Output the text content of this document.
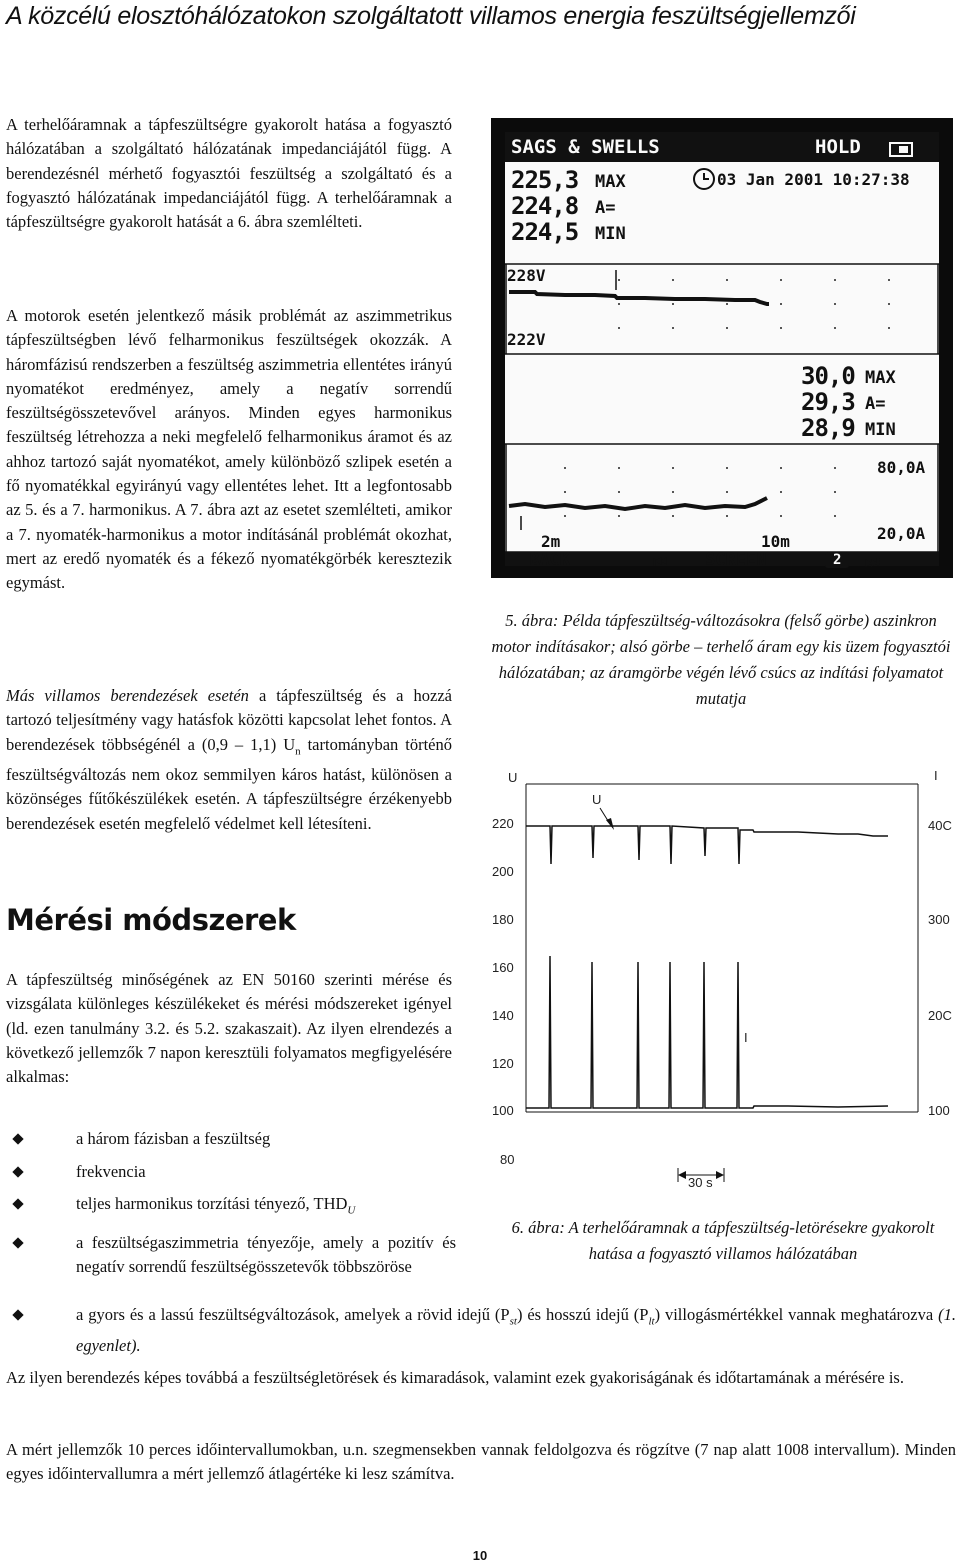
A közcélú elosztóhálózatokon szolgáltatott villamos energia feszültségjellemzői

A terhelőáramnak a tápfeszültségre gyakorolt hatása a fogyasztó hálózatában a szolgáltató hálózatának impedanciájától függ. A berendezésnél mérhető fogyasztói feszültség a szolgáltató és a fogyasztó hálózatának impedanciájától függ. A terhelőáramnak a tápfeszültségre gyakorolt hatását a 6. ábra szemlélteti.

A motorok esetén jelentkező másik problémát az aszimmetrikus tápfeszültségben lévő felharmonikus feszültségek okozzák. A háromfázisú rendszerben a feszültség aszimmetria ellentétes irányú nyomatékot eredményez, amely a negatív sorrendű feszültségösszetevővel arányos. Minden egyes harmonikus feszültség létrehozza a neki megfelelő felharmonikus áramot és az ahhoz tartozó saját nyomatékot, amely különböző szlipek esetén a fő nyomatékkal egyirányú vagy ellentétes lehet. Itt a legfontosabb az 5. és a 7. harmonikus. A 7. ábra azt az esetet szemlélteti, amikor a 7. nyomaték-harmonikus a motor indításánál problémát okozhat, mert az eredő nyomaték és a fékező nyomatékgörbék keresztezik egymást.

Más villamos berendezések esetén a tápfeszültség és a hozzá tartozó teljesítmény vagy hatásfok közötti kapcsolat lehet fontos. A berendezések többségénél a (0,9 – 1,1) $U_n$ tartományban történő feszültségváltozás nem okoz semmilyen káros hatást, különösen a közönséges fűtőkészülékek esetén. A tápfeszültségre érzékenyebb berendezések esetén megfelelő védelmet kell létesíteni.

Mérési módszerek

A tápfeszültség minőségének az EN 50160 szerinti mérése és vizsgálata különleges készülékeket és mérési módszereket igényel (ld. ezen tanulmány 3.2. és 5.2. szakaszait). Az ilyen elrendezés a következő jellemzők 7 napon keresztüli folyamatos megfigyelésére alkalmas:

a három fázisban a feszültség
frekvencia
teljes harmonikus torzítási tényező, $THD_U$
a feszültségaszimmetria tényezője, amely a pozitív és negatív sorrendű feszültségösszetevők többszöröse
a gyors és a lassú feszültségváltozások, amelyek a rövid idejű $(P_{st})$ és hosszú idejű $(P_{lt})$ villogásmértékkel vannak meghatározva (1. egyenlet).

Az ilyen berendezés képes továbbá a feszültségletörések és kimaradások, valamint ezek gyakoriságának és időtartamának a mérésére is.

A mért jellemzők 10 perces időintervallumokban, u.n. szegmensekben vannak feldolgozva és rögzítve (7 nap alatt 1008 intervallum). Minden egyes időintervallumra a mért jellemző átlagértéke ki lesz számítva.

SAGS & SWELLS	HOLD
225,3 MAX
224,8 A=
224,5 MIN
03 Jan 2001 10:27:38
228V
222V
30,0 MAX
29,3 A=
28,9 MIN
80,0A
20,0A
2m	10m
BACK	⏮ SCREEN	2	⏭
5. ábra: Példa tápfeszültség-változásokra (felső görbe) aszinkron motor indításakor; alsó görbe – terhelő áram egy kis üzem fogyasztói hálózatában; az áramgörbe végén lévő csúcs az indítási folyamatot mutatja
U	I
220
200
180
160
140
120
100
80
40C
300
20C
100
U
I
30 s
6. ábra: A terhelőáramnak a tápfeszültség-letörésekre gyakorolt hatása a fogyasztó villamos hálózatában
10
